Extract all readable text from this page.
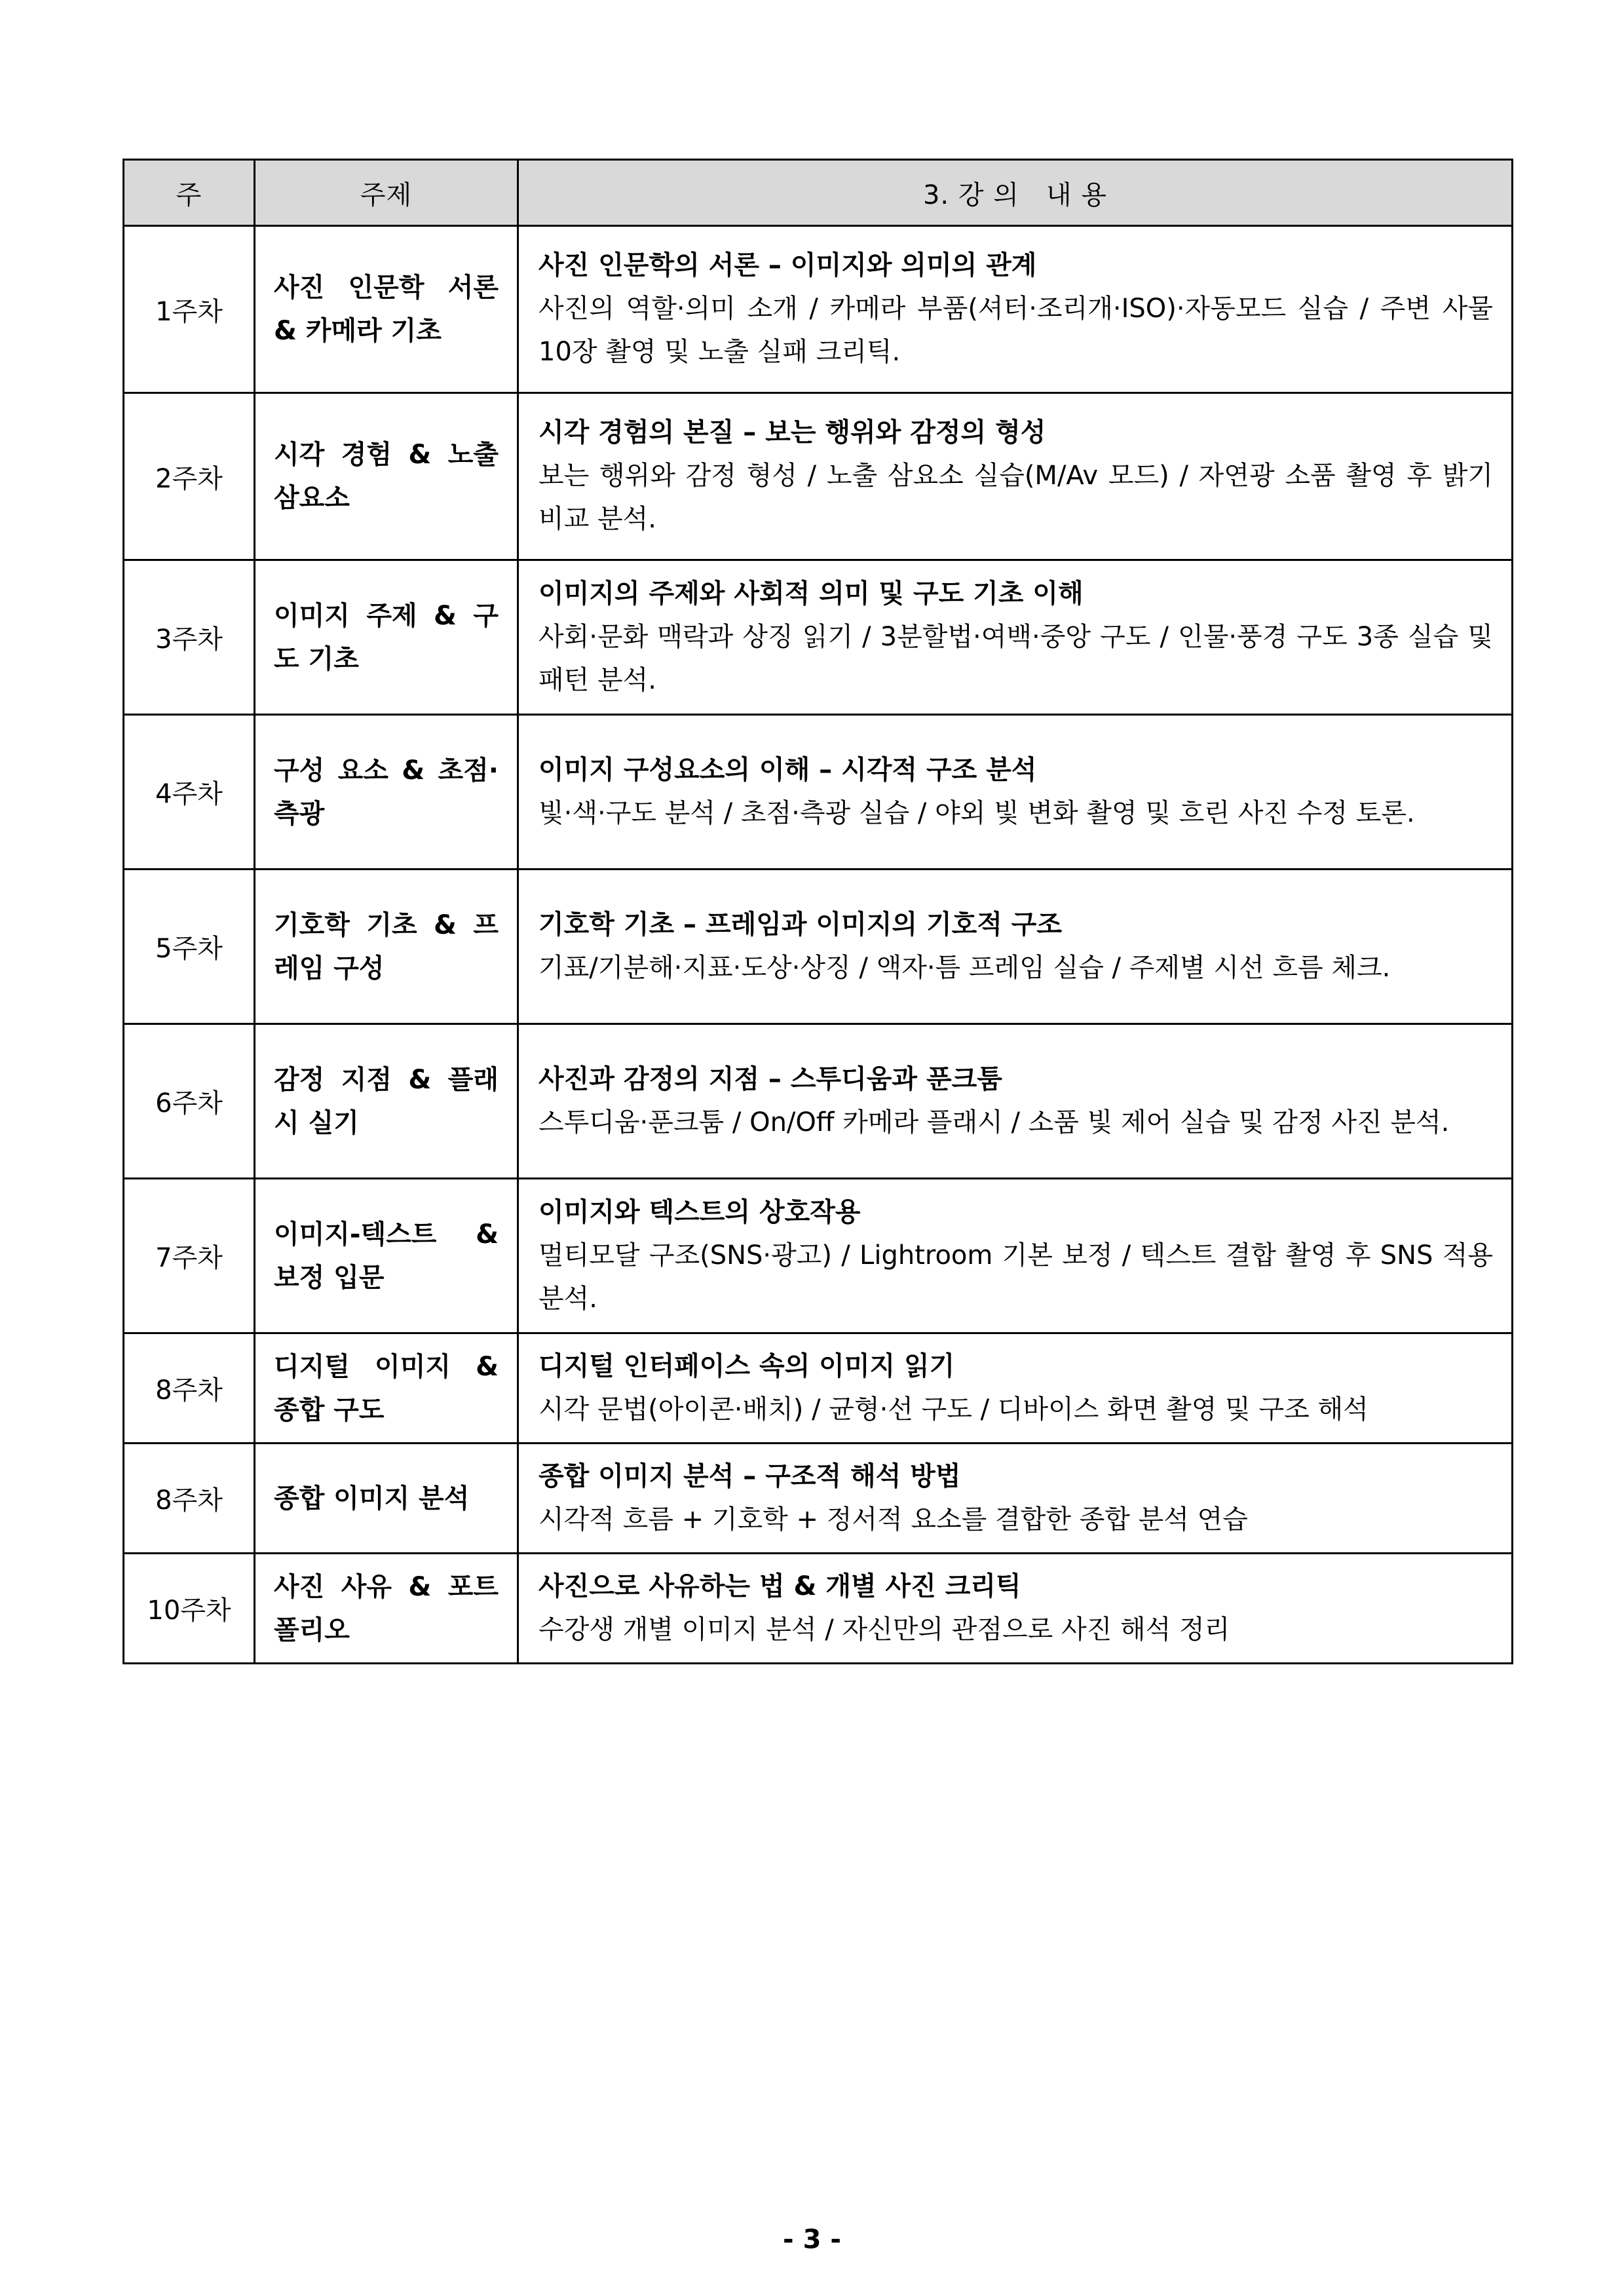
주	주제	3. 강 의   내 용
1주차	사진 인문학 서론 & 카메라 기초	사진 인문학의 서론 – 이미지와 의미의 관계
사진의 역할·의미 소개 / 카메라 부품(셔터·조리개·ISO)·자동모드 실습 / 주변 사물 10장 촬영 및 노출 실패 크리틱.

2주차	시각 경험 & 노출 삼요소	시각 경험의 본질 – 보는 행위와 감정의 형성
보는 행위와 감정 형성 / 노출 삼요소 실습(M/Av 모드) / 자연광 소품 촬영 후 밝기 비교 분석.

3주차	이미지 주제 & 구도 기초	이미지의 주제와 사회적 의미 및 구도 기초 이해
사회·문화 맥락과 상징 읽기 / 3분할법·여백·중앙 구도 / 인물·풍경 구도 3종 실습 및 패턴 분석.

4주차	구성 요소 & 초점·측광	이미지 구성요소의 이해 – 시각적 구조 분석
빛·색·구도 분석 / 초점·측광 실습 / 야외 빛 변화 촬영 및 흐린 사진 수정 토론.

5주차	기호학 기초 & 프레임 구성	기호학 기초 – 프레임과 이미지의 기호적 구조
기표/기분해·지표·도상·상징 / 액자·틈 프레임 실습 / 주제별 시선 흐름 체크.

6주차	감정 지점 & 플래시 실기	사진과 감정의 지점 – 스투디움과 푼크툼
스투디움·푼크툼 / On/Off 카메라 플래시 / 소품 빛 제어 실습 및 감정 사진 분석.

7주차	이미지-텍스트 & 보정 입문	이미지와 텍스트의 상호작용
멀티모달 구조(SNS·광고) / Lightroom 기본 보정 / 텍스트 결합 촬영 후 SNS 적용 분석.

8주차	디지털 이미지 & 종합 구도	디지털 인터페이스 속의 이미지 읽기
시각 문법(아이콘·배치) / 균형·선 구도 / 디바이스 화면 촬영 및 구조 해석

8주차	종합 이미지 분석	종합 이미지 분석 – 구조적 해석 방법
시각적 흐름 + 기호학 + 정서적 요소를 결합한 종합 분석 연습

10주차	사진 사유 & 포트폴리오	사진으로 사유하는 법 & 개별 사진 크리틱
수강생 개별 이미지 분석 / 자신만의 관점으로 사진 해석 정리
- 3 -
